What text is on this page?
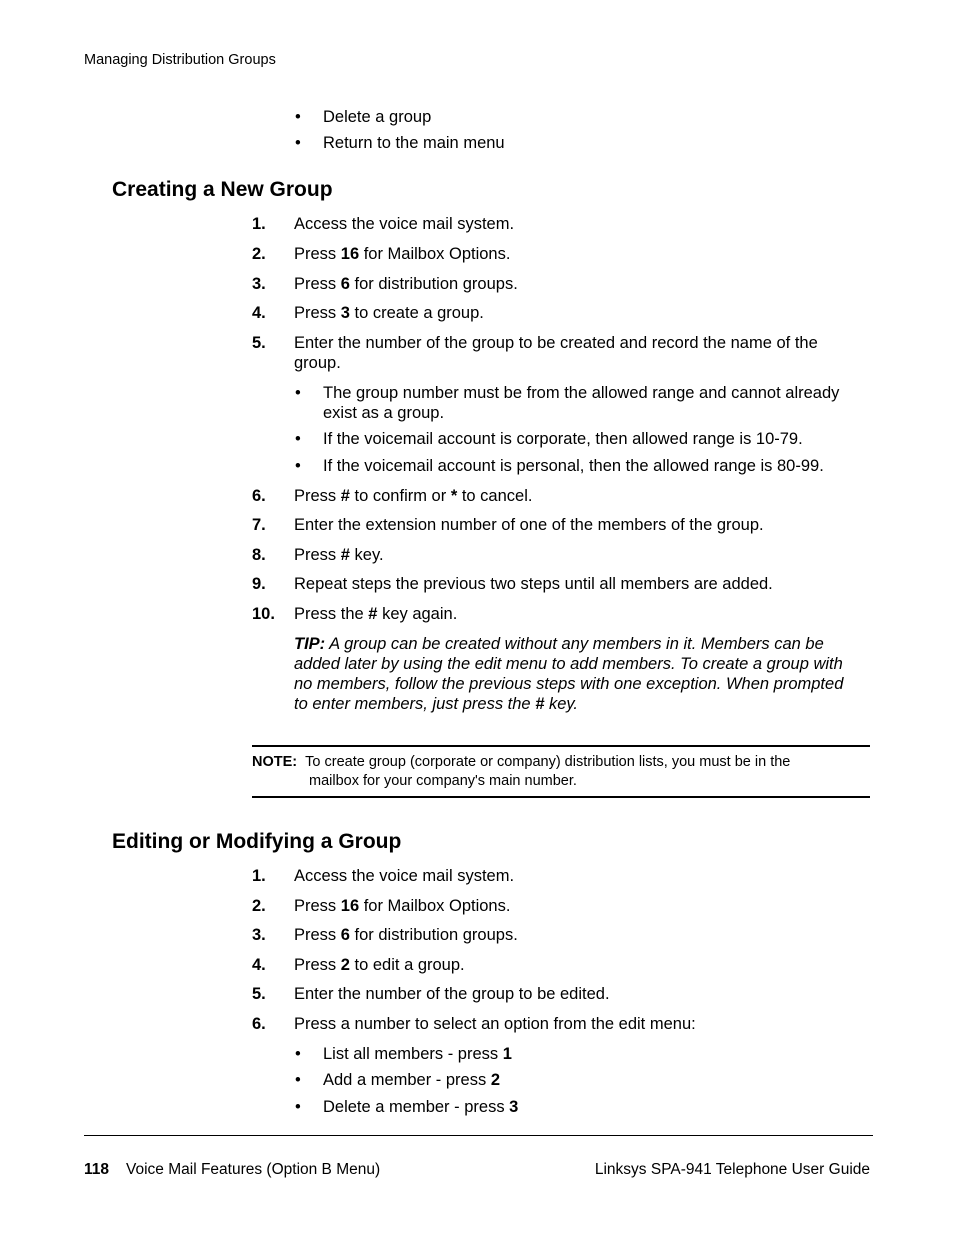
Managing Distribution Groups
• Delete a group
• Return to the main menu
Creating a New Group
1. Access the voice mail system.
2. Press 16 for Mailbox Options.
3. Press 6 for distribution groups.
4. Press 3 to create a group.
5. Enter the number of the group to be created and record the name of the
group.
• The group number must be from the allowed range and cannot already
exist as a group.
• If the voicemail account is corporate, then allowed range is 10-79.
• If the voicemail account is personal, then the allowed range is 80-99.
6. Press # to confirm or * to cancel.
7. Enter the extension number of one of the members of the group.
8. Press # key.
9. Repeat steps the previous two steps until all members are added.
10. Press the # key again.
TIP: A group can be created without any members in it. Members can be
added later by using the edit menu to add members. To create a group with
no members, follow the previous steps with one exception. When prompted
to enter members, just press the # key.
NOTE: To create group (corporate or company) distribution lists, you must be in the
mailbox for your company's main number.
Editing or Modifying a Group
1. Access the voice mail system.
2. Press 16 for Mailbox Options.
3. Press 6 for distribution groups.
4. Press 2 to edit a group.
5. Enter the number of the group to be edited.
6. Press a number to select an option from the edit menu:
• List all members - press 1
• Add a member - press 2
• Delete a member - press 3
118 Voice Mail Features (Option B Menu)	Linksys SPA-941 Telephone User Guide
